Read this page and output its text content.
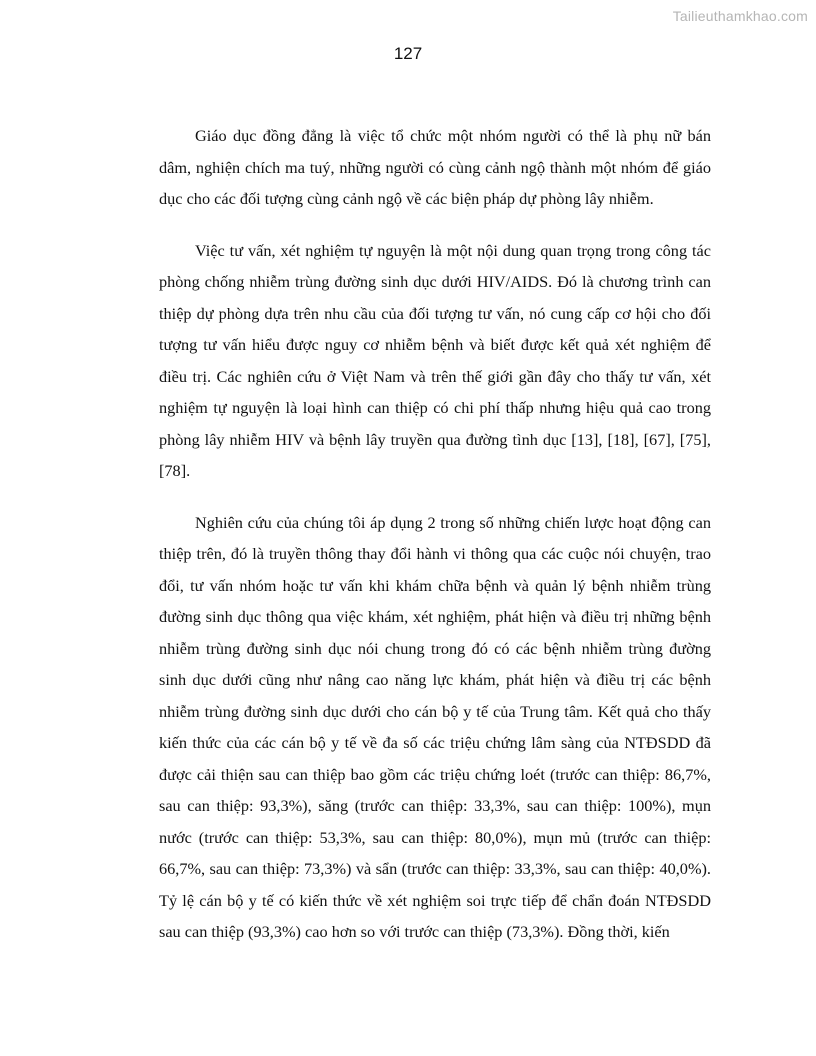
Tailieuthamkhao.com
127

Giáo dục đồng đẳng là việc tổ chức một nhóm người có thể là phụ nữ bán dâm, nghiện chích ma tuý, những người có cùng cảnh ngộ thành một nhóm để giáo dục cho các đối tượng cùng cảnh ngộ về các biện pháp dự phòng lây nhiễm.

Việc tư vấn, xét nghiệm tự nguyện là một nội dung quan trọng trong công tác phòng chống nhiễm trùng đường sinh dục dưới HIV/AIDS. Đó là chương trình can thiệp dự phòng dựa trên nhu cầu của đối tượng tư vấn, nó cung cấp cơ hội cho đối tượng tư vấn hiểu được nguy cơ nhiễm bệnh và biết được kết quả xét nghiệm để điều trị. Các nghiên cứu ở Việt Nam và trên thế giới gần đây cho thấy tư vấn, xét nghiệm tự nguyện là loại hình can thiệp có chi phí thấp nhưng hiệu quả cao trong phòng lây nhiễm HIV và bệnh lây truyền qua đường tình dục [13], [18], [67], [75], [78].

Nghiên cứu của chúng tôi áp dụng 2 trong số những chiến lược hoạt động can thiệp trên, đó là truyền thông thay đổi hành vi thông qua các cuộc nói chuyện, trao đổi, tư vấn nhóm hoặc tư vấn khi khám chữa bệnh và quản lý bệnh nhiễm trùng đường sinh dục thông qua việc khám, xét nghiệm, phát hiện và điều trị những bệnh nhiễm trùng đường sinh dục nói chung trong đó có các bệnh nhiễm trùng đường sinh dục dưới cũng như nâng cao năng lực khám, phát hiện và điều trị các bệnh nhiễm trùng đường sinh dục dưới cho cán bộ y tế của Trung tâm. Kết quả cho thấy kiến thức của các cán bộ y tế về đa số các triệu chứng lâm sàng của NTĐSDD đã được cải thiện sau can thiệp bao gồm các triệu chứng loét (trước can thiệp: 86,7%, sau can thiệp: 93,3%), săng (trước can thiệp: 33,3%, sau can thiệp: 100%), mụn nước (trước can thiệp: 53,3%, sau can thiệp: 80,0%), mụn mủ (trước can thiệp: 66,7%, sau can thiệp: 73,3%) và sẩn (trước can thiệp: 33,3%, sau can thiệp: 40,0%). Tỷ lệ cán bộ y tế có kiến thức về xét nghiệm soi trực tiếp để chẩn đoán NTĐSDD sau can thiệp (93,3%) cao hơn so với trước can thiệp (73,3%). Đồng thời, kiến
